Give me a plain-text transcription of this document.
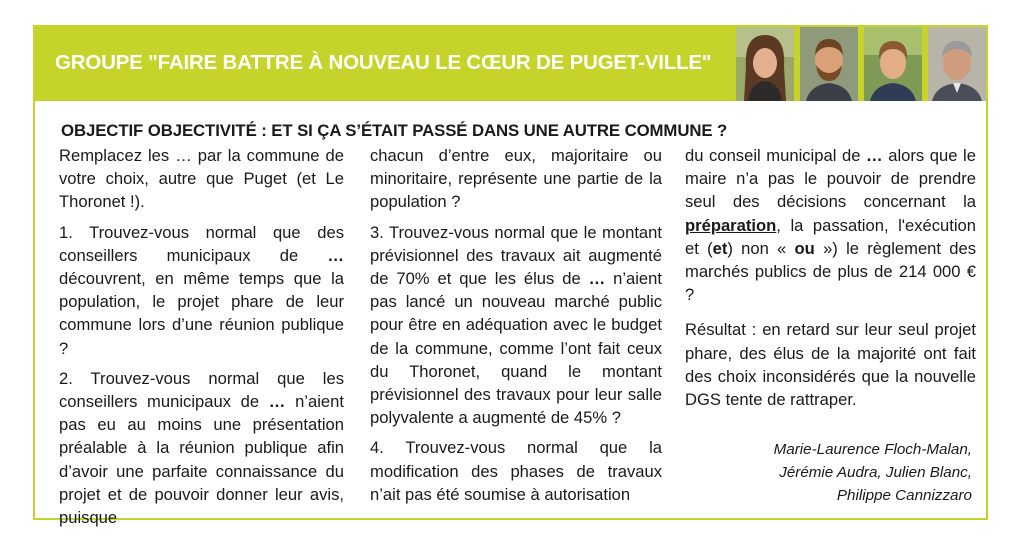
GROUPE "FAIRE BATTRE À NOUVEAU LE CŒUR DE PUGET-VILLE"
OBJECTIF OBJECTIVITÉ : ET SI ÇA S’ÉTAIT PASSÉ DANS UNE AUTRE COMMUNE ?

Remplacez les … par la commune de votre choix, autre que Puget (et Le Thoronet !).

1. Trouvez-vous normal que des conseillers municipaux de … découvrent, en même temps que la population, le projet phare de leur commune lors d’une réunion publique ?

2. Trouvez-vous normal que les conseillers municipaux de … n’aient pas eu au moins une présentation préalable à la réunion publique afin d’avoir une parfaite connaissance du projet et de pouvoir donner leur avis, puisque

chacun d’entre eux, majoritaire ou minoritaire, représente une partie de la population ?

3. Trouvez-vous normal que le montant prévisionnel des travaux ait augmenté de 70% et que les élus de … n’aient pas lancé un nouveau marché public pour être en adéquation avec le budget de la commune, comme l’ont fait ceux du Thoronet, quand le montant prévisionnel des travaux pour leur salle polyvalente a augmenté de 45% ?

4. Trouvez-vous normal que la modification des phases de travaux n’ait pas été soumise à autorisation

du conseil municipal de … alors que le maire n’a pas le pouvoir de prendre seul des décisions concernant la préparation, la passation, l'exécution et (et) non « ou ») le règlement des marchés publics de plus de 214 000 € ?

Résultat : en retard sur leur seul projet phare, des élus de la majorité ont fait des choix inconsidérés que la nouvelle DGS tente de rattraper.

Marie-Laurence Floch-Malan,
Jérémie Audra, Julien Blanc,
Philippe Cannizzaro
